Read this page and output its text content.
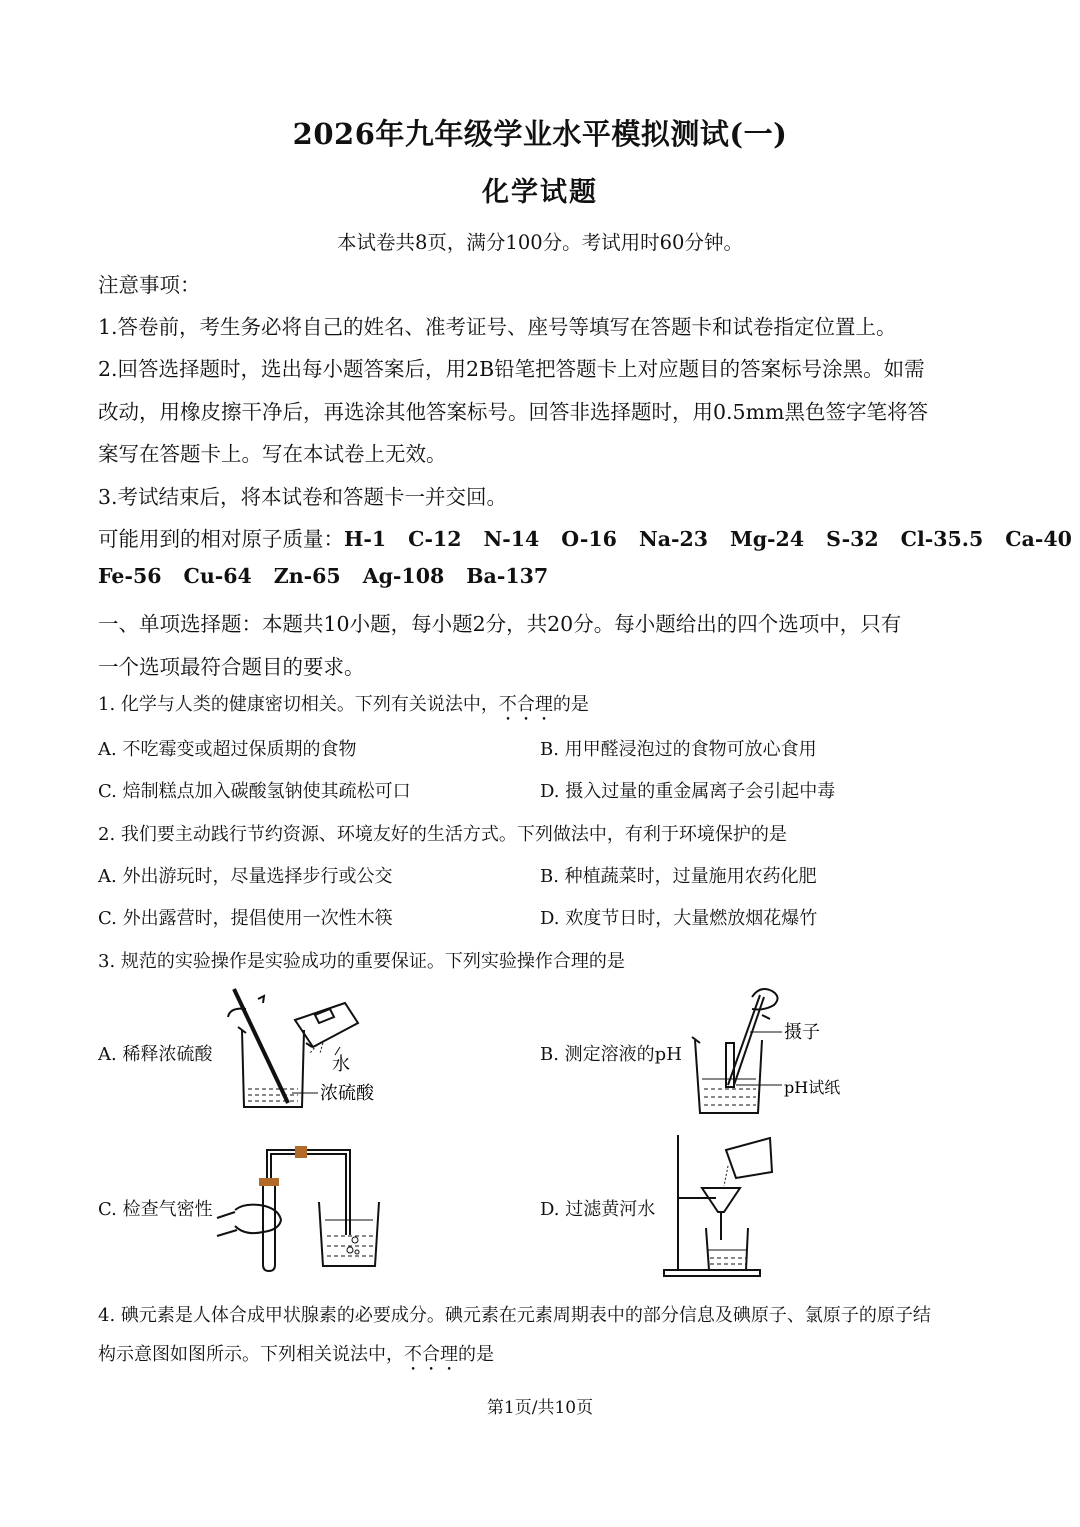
2026年九年级学业水平模拟测试(一)
化学试题
本试卷共8页，满分100分。考试用时60分钟。
注意事项：
1.答卷前，考生务必将自己的姓名、准考证号、座号等填写在答题卡和试卷指定位置上。
2.回答选择题时，选出每小题答案后，用2B铅笔把答题卡上对应题目的答案标号涂黑。如需
改动，用橡皮擦干净后，再选涂其他答案标号。回答非选择题时，用0.5mm黑色签字笔将答
案写在答题卡上。写在本试卷上无效。
3.考试结束后，将本试卷和答题卡一并交回。
可能用到的相对原子质量：H-1 C-12 N-14 O-16 Na-23 Mg-24 S-32 Cl-35.5 Ca-40
Fe-56 Cu-64 Zn-65 Ag-108 Ba-137
一、单项选择题：本题共10小题，每小题2分，共20分。每小题给出的四个选项中，只有
一个选项最符合题目的要求。
1. 化学与人类的健康密切相关。下列有关说法中，不合理的是
A. 不吃霉变或超过保质期的食物	B. 用甲醛浸泡过的食物可放心食用
C. 焙制糕点加入碳酸氢钠使其疏松可口	D. 摄入过量的重金属离子会引起中毒
2. 我们要主动践行节约资源、环境友好的生活方式。下列做法中，有利于环境保护的是
A. 外出游玩时，尽量选择步行或公交	B. 种植蔬菜时，过量施用农药化肥
C. 外出露营时，提倡使用一次性木筷	D. 欢度节日时，大量燃放烟花爆竹
3. 规范的实验操作是实验成功的重要保证。下列实验操作合理的是
A. 稀释浓硫酸	B. 测定溶液的pH
C. 检查气密性	D. 过滤黄河水
水
浓硫酸
摄子
pH试纸
4. 碘元素是人体合成甲状腺素的必要成分。碘元素在元素周期表中的部分信息及碘原子、氯原子的原子结
构示意图如图所示。下列相关说法中，不合理的是
第1页/共10页
